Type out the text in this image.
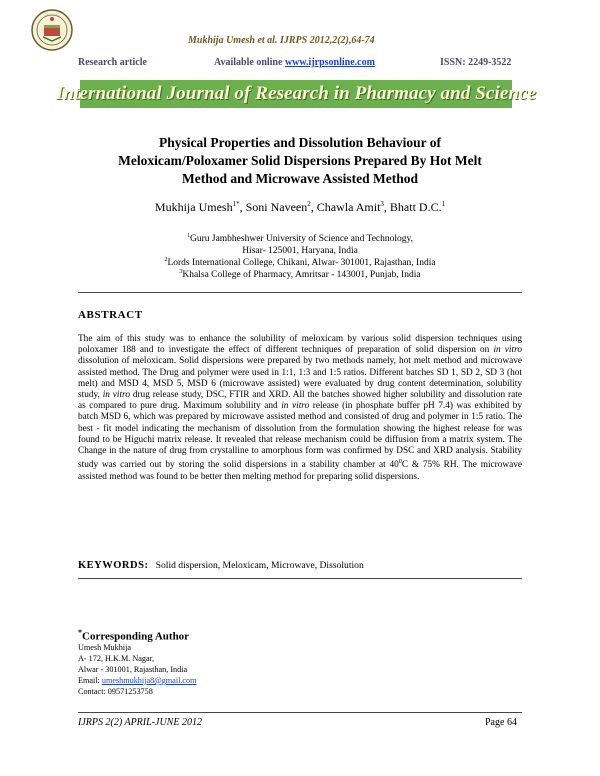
Mukhija Umesh et al. IJRPS 2012,2(2),64-74
Research article	Available online www.ijrpsonline.com	ISSN: 2249-3522
International Journal of Research in Pharmacy and Science
Physical Properties and Dissolution Behaviour of
Meloxicam/Poloxamer Solid Dispersions Prepared By Hot Melt
Method and Microwave Assisted Method
Mukhija Umesh$^{1*}$, Soni Naveen$^2$, Chawla Amit$^3$, Bhatt D.C.$^1$
$^1$Guru Jambheshwer University of Science and Technology,
Hisar- 125001, Haryana, India
$^2$Lords International College, Chikani, Alwar- 301001, Rajasthan, India
$^3$Khalsa College of Pharmacy, Amritsar - 143001, Punjab, India
ABSTRACT
The aim of this study was to enhance the solubility of meloxicam by various solid dispersion techniques using poloxamer 188 and to investigate the effect of different techniques of preparation of solid dispersion on in vitro dissolution of meloxicam. Solid dispersions were prepared by two methods namely, hot melt method and microwave assisted method. The Drug and polymer were used in 1:1, 1:3 and 1:5 ratios. Different batches SD 1, SD 2, SD 3 (hot melt) and MSD 4, MSD 5, MSD 6 (microwave assisted) were evaluated by drug content determination, solubility study, in vitro drug release study, DSC, FTIR and XRD. All the batches showed higher solubility and dissolution rate as compared to pure drug. Maximum solubility and in vitro release (in phosphate buffer pH 7.4) was exhibited by batch MSD 6, which was prepared by microwave assisted method and consisted of drug and polymer in 1:5 ratio. The best - fit model indicating the mechanism of dissolution from the formulation showing the highest release for was found to be Higuchi matrix release. It revealed that release mechanism could be diffusion from a matrix system. The Change in the nature of drug from crystalline to amorphous form was confirmed by DSC and XRD analysis. Stability study was carried out by storing the solid dispersions in a stability chamber at $40^0C$ & 75% RH. The microwave assisted method was found to be better then melting method for preparing solid dispersions.
KEYWORDS: Solid dispersion, Meloxicam, Microwave, Dissolution
*Corresponding Author
Umesh Mukhija
A- 172, H.K.M. Nagar,
Alwar - 301001, Rajasthan, India
Email: umeshmukhija8@gmail.com
Contact: 09571253758
IJRPS 2(2) APRIL-JUNE 2012	Page 64
